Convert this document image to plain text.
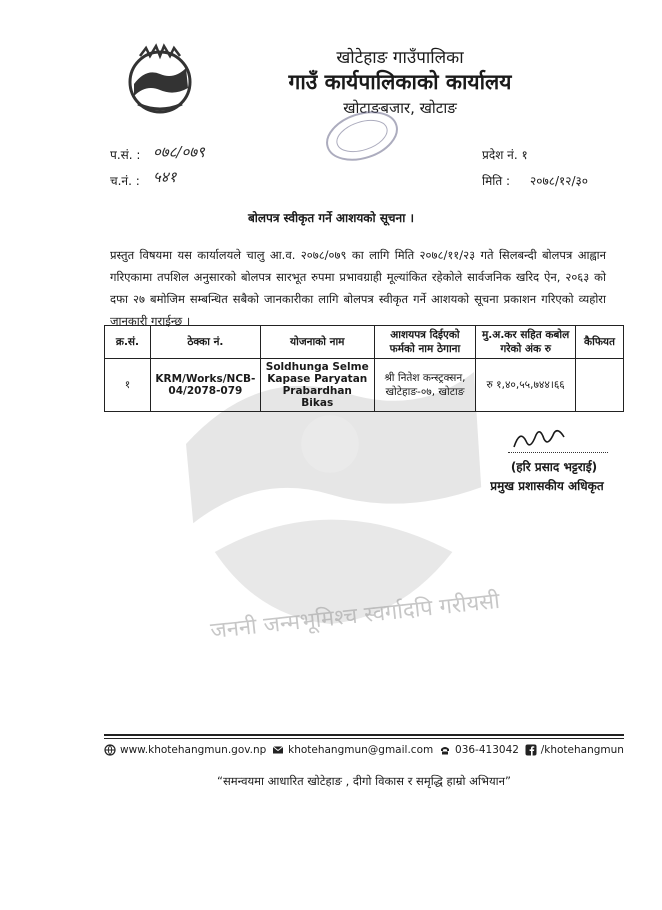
जननी जन्मभूमिश्च स्वर्गादपि गरीयसी
खोटेहाङ गाउँपालिका
गाउँ कार्यपालिकाको कार्यालय
खोटाङबजार, खोटाङ
प.सं. : ०७८/०७९
च.नं. : ५४१
प्रदेश नं. १
मिति : २०७८/१२/३०
बोलपत्र स्वीकृत गर्ने आशयको सूचना ।
प्रस्तुत विषयमा यस कार्यालयले चालु आ.व. २०७८/०७९ का लागि मिति २०७८/११/२३ गते सिलबन्दी बोलपत्र आह्वान गरिएकामा तपशिल अनुसारको बोलपत्र सारभूत रुपमा प्रभावग्राही मूल्यांकित रहेकोले सार्वजनिक खरिद ऐन, २०६३ को दफा २७ बमोजिम सम्बन्धित सबैको जानकारीका लागि बोलपत्र स्वीकृत गर्ने आशयको सूचना प्रकाशन गरिएको व्यहोरा जानकारी गराईन्छ ।
क्र.सं.	ठेक्का नं.	योजनाको नाम	आशयपत्र दिईएको फर्मको नाम ठेगाना	मु.अ.कर सहित कबोल गरेको अंक रु	कैफियत
१	KRM/Works/NCB-04/2078-079	Soldhunga Selme Kapase Paryatan Prabardhan Bikas	श्री नितेश कन्स्ट्रक्सन, खोटेहाङ-०७, खोटाङ	रु १,४०,५५,७४४।६६	
(हरि प्रसाद भट्टराई)
प्रमुख प्रशासकीय अधिकृत
www.khotehangmun.gov.np khotehangmun@gmail.com 036-413042 /khotehangmun
“समन्वयमा आधारित खोटेहाङ , दीगो विकास र समृद्धि हाम्रो अभियान”
